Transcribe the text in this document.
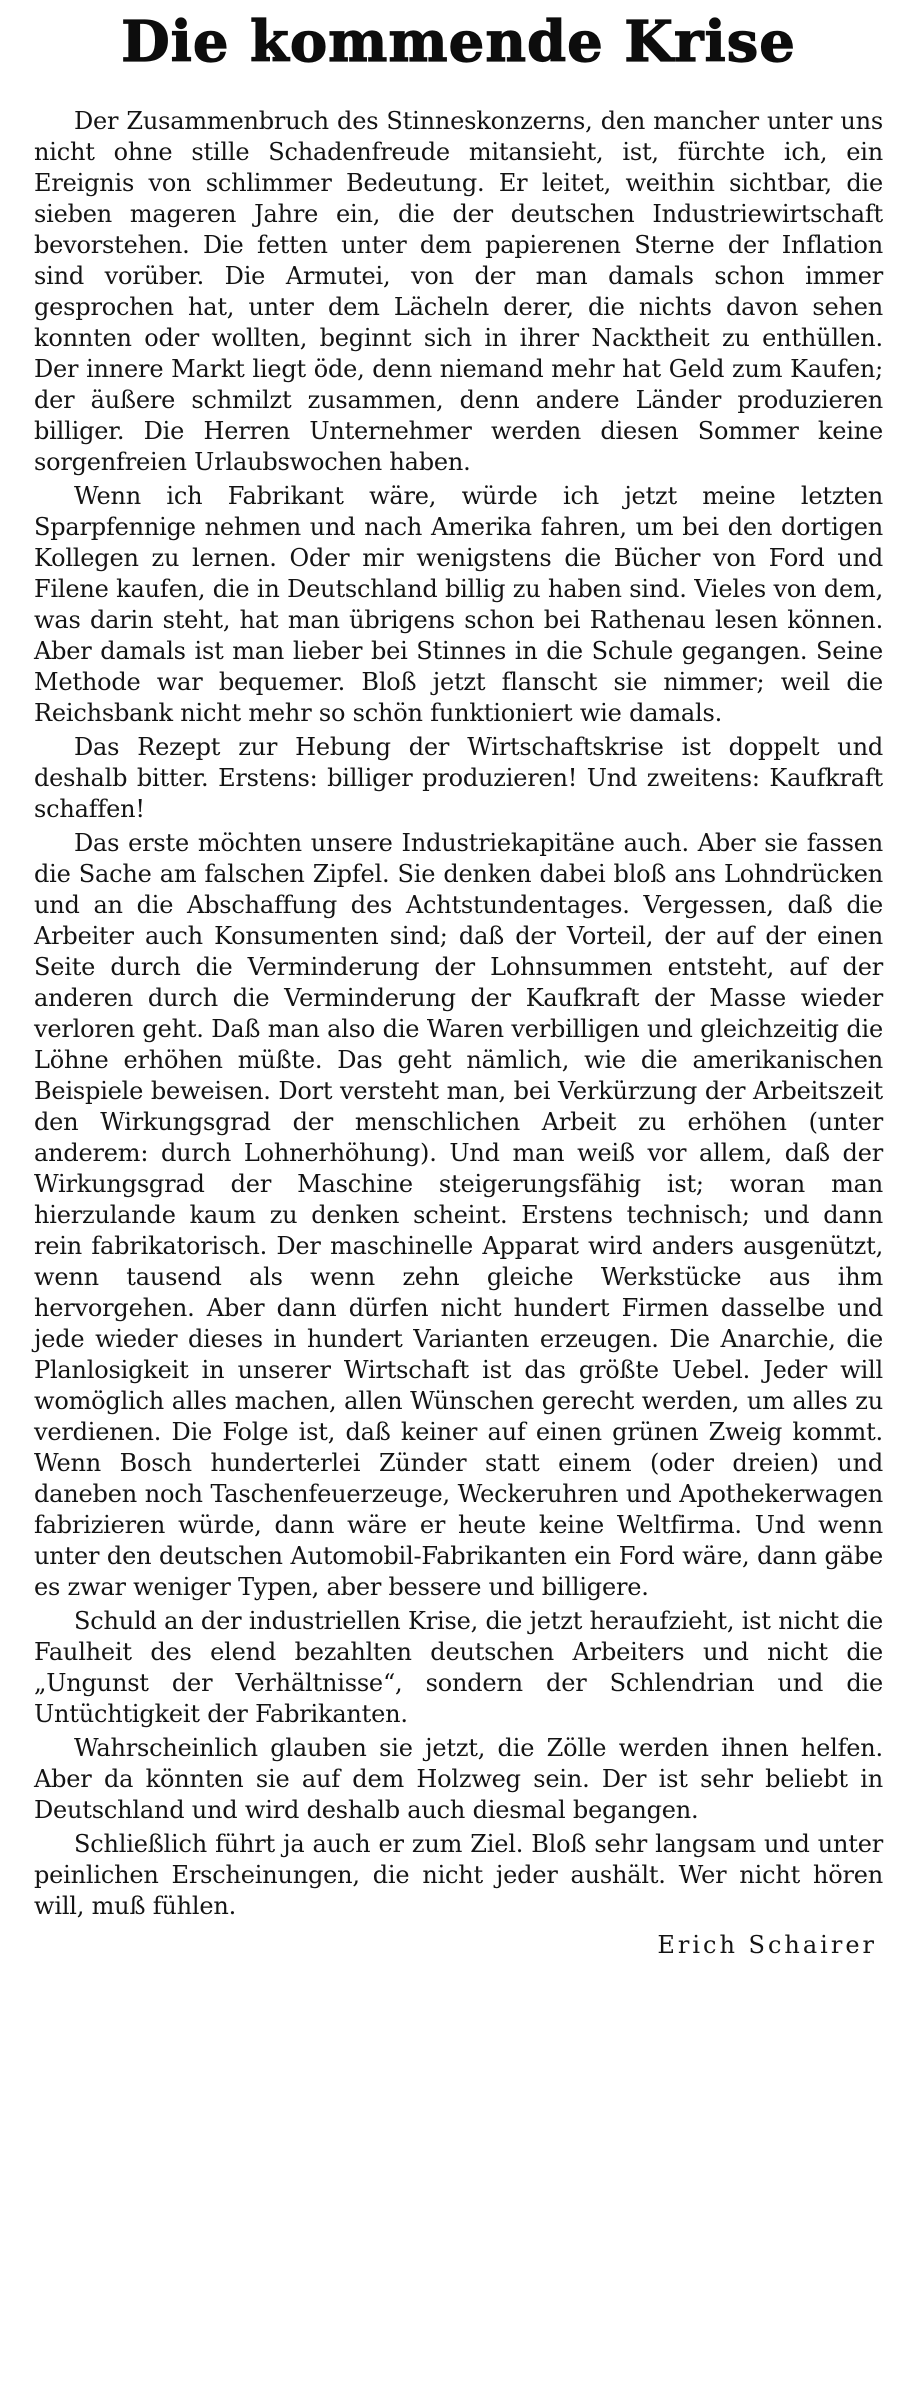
Die kommende Krise

Der Zusammenbruch des Stinneskonzerns, den mancher unter uns nicht ohne stille Schadenfreude mitansieht, ist, fürchte ich, ein Ereignis von schlimmer Bedeutung. Er leitet, weithin sichtbar, die sieben mageren Jahre ein, die der deutschen Industriewirtschaft bevorstehen. Die fetten unter dem papierenen Sterne der Inflation sind vorüber. Die Armutei, von der man damals schon immer gesprochen hat, unter dem Lächeln derer, die nichts davon sehen konnten oder wollten, beginnt sich in ihrer Nacktheit zu enthüllen. Der innere Markt liegt öde, denn niemand mehr hat Geld zum Kaufen; der äußere schmilzt zusammen, denn andere Länder produzieren billiger. Die Herren Unternehmer werden diesen Sommer keine sorgenfreien Urlaubswochen haben.

Wenn ich Fabrikant wäre, würde ich jetzt meine letzten Sparpfennige nehmen und nach Amerika fahren, um bei den dortigen Kollegen zu lernen. Oder mir wenigstens die Bücher von Ford und Filene kaufen, die in Deutschland billig zu haben sind. Vieles von dem, was darin steht, hat man übrigens schon bei Rathenau lesen können. Aber damals ist man lieber bei Stinnes in die Schule gegangen. Seine Methode war bequemer. Bloß jetzt flanscht sie nimmer; weil die Reichsbank nicht mehr so schön funktioniert wie damals.

Das Rezept zur Hebung der Wirtschaftskrise ist doppelt und deshalb bitter. Erstens: billiger produzieren! Und zweitens: Kaufkraft schaffen!

Das erste möchten unsere Industriekapitäne auch. Aber sie fassen die Sache am falschen Zipfel. Sie denken dabei bloß ans Lohndrücken und an die Abschaffung des Achtstundentages. Vergessen, daß die Arbeiter auch Konsumenten sind; daß der Vorteil, der auf der einen Seite durch die Verminderung der Lohnsummen entsteht, auf der anderen durch die Verminderung der Kaufkraft der Masse wieder verloren geht. Daß man also die Waren verbilligen und gleichzeitig die Löhne erhöhen müßte. Das geht nämlich, wie die amerikanischen Beispiele beweisen. Dort versteht man, bei Verkürzung der Arbeitszeit den Wirkungsgrad der menschlichen Arbeit zu erhöhen (unter anderem: durch Lohnerhöhung). Und man weiß vor allem, daß der Wirkungsgrad der Maschine steigerungsfähig ist; woran man hierzulande kaum zu denken scheint. Erstens technisch; und dann rein fabrikatorisch. Der maschinelle Apparat wird anders ausgenützt, wenn tausend als wenn zehn gleiche Werkstücke aus ihm hervorgehen. Aber dann dürfen nicht hundert Firmen dasselbe und jede wieder dieses in hundert Varianten erzeugen. Die Anarchie, die Planlosigkeit in unserer Wirtschaft ist das größte Uebel. Jeder will womöglich alles machen, allen Wünschen gerecht werden, um alles zu verdienen. Die Folge ist, daß keiner auf einen grünen Zweig kommt. Wenn Bosch hunderterlei Zünder statt einem (oder dreien) und daneben noch Taschenfeuerzeuge, Weckeruhren und Apothekerwagen fabrizieren würde, dann wäre er heute keine Weltfirma. Und wenn unter den deutschen Automobil-Fabrikanten ein Ford wäre, dann gäbe es zwar weniger Typen, aber bessere und billigere.

Schuld an der industriellen Krise, die jetzt heraufzieht, ist nicht die Faulheit des elend bezahlten deutschen Arbeiters und nicht die „Ungunst der Verhältnisse“, sondern der Schlendrian und die Untüchtigkeit der Fabrikanten.

Wahrscheinlich glauben sie jetzt, die Zölle werden ihnen helfen. Aber da könnten sie auf dem Holzweg sein. Der ist sehr beliebt in Deutschland und wird deshalb auch diesmal begangen.

Schließlich führt ja auch er zum Ziel. Bloß sehr langsam und unter peinlichen Erscheinungen, die nicht jeder aushält. Wer nicht hören will, muß fühlen.

Erich Schairer
